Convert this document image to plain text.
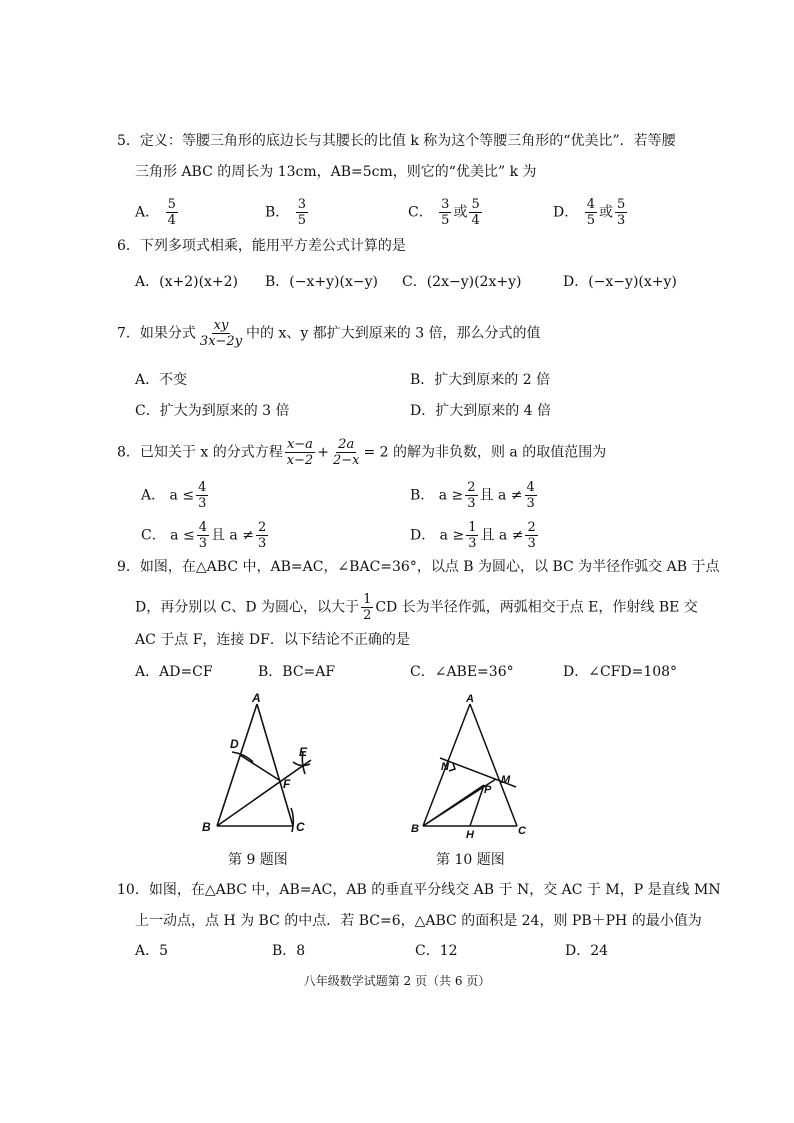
5．定义：等腰三角形的底边长与其腰长的比值 k 称为这个等腰三角形的“优美比”．若等腰
三角形 ABC 的周长为 13cm，AB=5cm，则它的“优美比” k 为
A． $\frac{5}{4}$	B． $\frac{3}{5}$	C． $\frac{3}{5}$ 或 $\frac{5}{4}$	D． $\frac{4}{5}$ 或 $\frac{5}{3}$
6．下列多项式相乘，能用平方差公式计算的是
A．(x+2)(x+2) B．(−x+y)(x−y) C．(2x−y)(2x+y)	D．(−x−y)(x+y)
7．如果分式 $\frac{xy}{3x-2y}$ 中的 x、y 都扩大到原来的 3 倍，那么分式的值
A．不变	B．扩大到原来的 2 倍
C．扩大为到原来的 3 倍	D．扩大到原来的 4 倍
8．已知关于 x 的分式方程 $\frac{x-a}{x-2} + \frac{2a}{2-x} = 2$ 的解为非负数，则 a 的取值范围为
A． $a \le \frac{4}{3}$	B． $a \ge \frac{2}{3}$ 且 $a \ne \frac{4}{3}$
C． $a \le \frac{4}{3}$ 且 $a \ne \frac{2}{3}$	D． $a \ge \frac{1}{3}$ 且 $a \ne \frac{2}{3}$
9．如图，在△ABC 中，AB=AC，∠BAC=36°，以点 B 为圆心，以 BC 为半径作弧交 AB 于点
D，再分别以 C、D 为圆心，以大于 $\frac{1}{2}$ CD 长为半径作弧，两弧相交于点 E，作射线 BE 交
AC 于点 F，连接 DF．以下结论不正确的是
A．AD=CF	B．BC=AF	C．∠ABE=36°	D．∠CFD=108°
A
D
E
F
B	C
第 9 题图
A
N
M
P
B	H	C
第 10 题图
10．如图，在△ABC 中，AB=AC，AB 的垂直平分线交 AB 于 N，交 AC 于 M，P 是直线 MN
上一动点，点 H 为 BC 的中点．若 BC=6，△ABC 的面积是 24，则 PB＋PH 的最小值为
A．5	B．8	C．12	D．24
八年级数学试题第 2 页（共 6 页）
